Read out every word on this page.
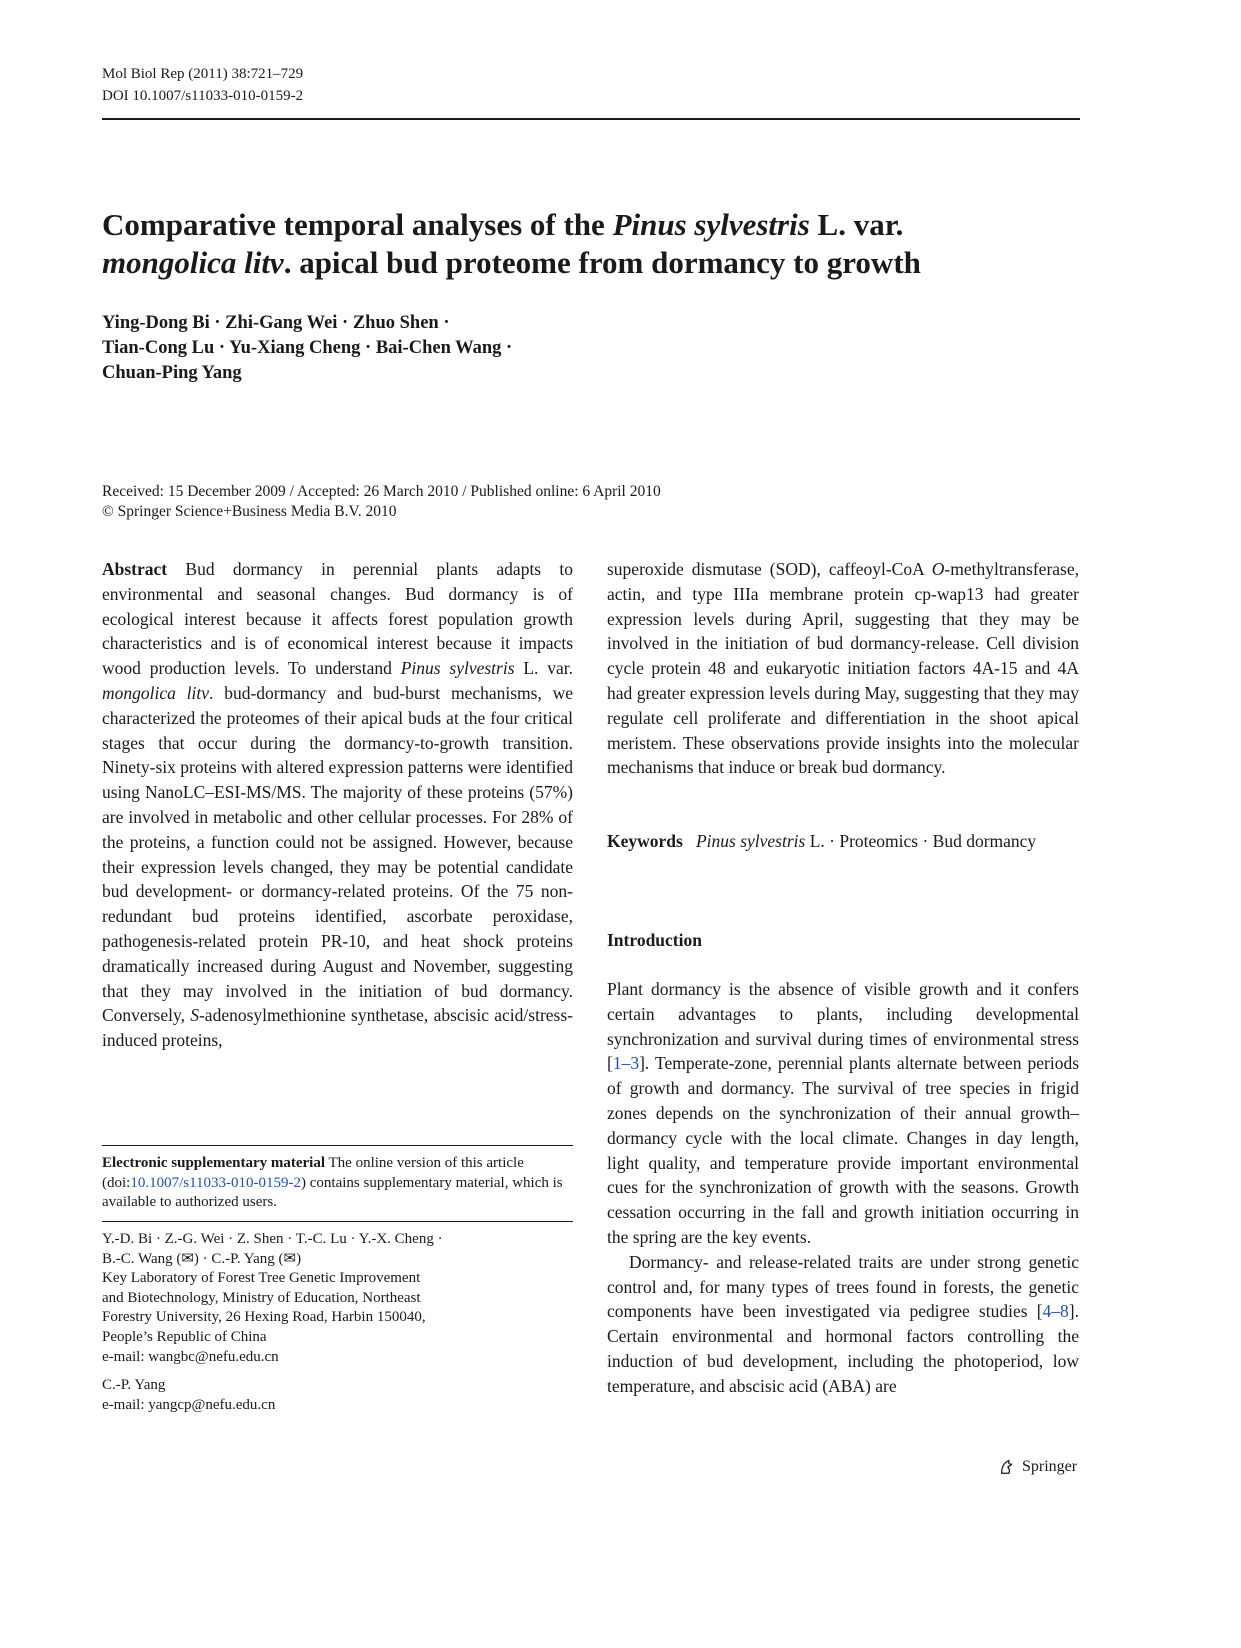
Mol Biol Rep (2011) 38:721–729
DOI 10.1007/s11033-010-0159-2
Comparative temporal analyses of the Pinus sylvestris L. var.
mongolica litv. apical bud proteome from dormancy to growth
Ying-Dong Bi · Zhi-Gang Wei · Zhuo Shen ·
Tian-Cong Lu · Yu-Xiang Cheng · Bai-Chen Wang ·
Chuan-Ping Yang
Received: 15 December 2009 / Accepted: 26 March 2010 / Published online: 6 April 2010
© Springer Science+Business Media B.V. 2010

Abstract Bud dormancy in perennial plants adapts to environmental and seasonal changes. Bud dormancy is of ecological interest because it affects forest population growth characteristics and is of economical interest because it impacts wood production levels. To understand Pinus sylvestris L. var. mongolica litv. bud-dormancy and bud-burst mechanisms, we characterized the proteomes of their apical buds at the four critical stages that occur during the dormancy-to-growth transition. Ninety-six proteins with altered expression patterns were identified using NanoLC–ESI-MS/MS. The majority of these proteins (57%) are involved in metabolic and other cellular processes. For 28% of the proteins, a function could not be assigned. However, because their expression levels changed, they may be potential candidate bud development- or dormancy-related proteins. Of the 75 non-redundant bud proteins identified, ascorbate peroxidase, pathogenesis-related protein PR-10, and heat shock proteins dramatically increased during August and November, suggesting that they may involved in the initiation of bud dormancy. Conversely, S-adenosylmethionine synthetase, abscisic acid/stress-induced proteins,

superoxide dismutase (SOD), caffeoyl-CoA O-methyltransferase, actin, and type IIIa membrane protein cp-wap13 had greater expression levels during April, suggesting that they may be involved in the initiation of bud dormancy-release. Cell division cycle protein 48 and eukaryotic initiation factors 4A-15 and 4A had greater expression levels during May, suggesting that they may regulate cell proliferate and differentiation in the shoot apical meristem. These observations provide insights into the molecular mechanisms that induce or break bud dormancy.

Keywords Pinus sylvestris L. · Proteomics · Bud dormancy

Introduction

Plant dormancy is the absence of visible growth and it confers certain advantages to plants, including developmental synchronization and survival during times of environmental stress [1–3]. Temperate-zone, perennial plants alternate between periods of growth and dormancy. The survival of tree species in frigid zones depends on the synchronization of their annual growth–dormancy cycle with the local climate. Changes in day length, light quality, and temperature provide important environmental cues for the synchronization of growth with the seasons. Growth cessation occurring in the fall and growth initiation occurring in the spring are the key events.

Dormancy- and release-related traits are under strong genetic control and, for many types of trees found in forests, the genetic components have been investigated via pedigree studies [4–8]. Certain environmental and hormonal factors controlling the induction of bud development, including the photoperiod, low temperature, and abscisic acid (ABA) are

Electronic supplementary material The online version of this article (doi:10.1007/s11033-010-0159-2) contains supplementary material, which is available to authorized users.

Y.-D. Bi · Z.-G. Wei · Z. Shen · T.-C. Lu · Y.-X. Cheng ·

B.-C. Wang (✉) · C.-P. Yang (✉)

Key Laboratory of Forest Tree Genetic Improvement

and Biotechnology, Ministry of Education, Northeast

Forestry University, 26 Hexing Road, Harbin 150040,

People’s Republic of China

e-mail: wangbc@nefu.edu.cn

C.-P. Yang

e-mail: yangcp@nefu.edu.cn

Springer
